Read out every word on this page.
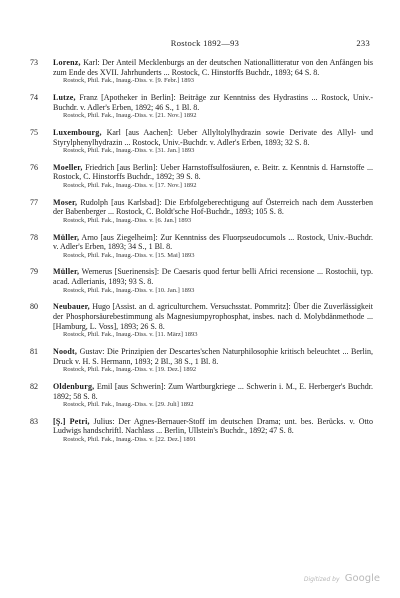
Rostock 1892—93	233
73 Lorenz, Karl: Der Anteil Mecklenburgs an der deutschen Nationallitteratur von den Anfängen bis zum Ende des XVII. Jahrhunderts ... Rostock, C. Hinstorffs Buchdr., 1893; 64 S. 8.
Rostock, Phil. Fak., Inaug.-Diss. v. [9. Febr.] 1893
74 Lutze, Franz [Apotheker in Berlin]: Beiträge zur Kenntniss des Hydrastins ... Rostock, Univ.-Buchdr. v. Adler's Erben, 1892; 46 S., 1 Bl. 8.
Rostock, Phil. Fak., Inaug.-Diss. v. [21. Nov.] 1892
75 Luxembourg, Karl [aus Aachen]: Ueber Allyltolylhydrazin sowie Derivate des Allyl- und Styrylphenylhydrazin ... Rostock, Univ.-Buchdr. v. Adler's Erben, 1893; 32 S. 8.
Rostock, Phil. Fak., Inaug.-Diss. v. [31. Jan.] 1893
76 Moeller, Friedrich [aus Berlin]: Ueber Harnstoffsulfosäuren, e. Beitr. z. Kenntnis d. Harnstoffe ... Rostock, C. Hinstorffs Buchdr., 1892; 39 S. 8.
Rostock, Phil. Fak., Inaug.-Diss. v. [17. Nov.] 1892
77 Moser, Rudolph [aus Karlsbad]: Die Erbfolgeberechtigung auf Österreich nach dem Aussterben der Babenberger ... Rostock, C. Boldt'sche Hof-Buchdr., 1893; 105 S. 8.
Rostock, Phil. Fak., Inaug.-Diss. v. [6. Jan.] 1893
78 Müller, Arno [aus Ziegelheim]: Zur Kenntniss des Fluorpseudocumols ... Rostock, Univ.-Buchdr. v. Adler's Erben, 1893; 34 S., 1 Bl. 8.
Rostock, Phil. Fak., Inaug.-Diss. v. [15. Mai] 1893
79 Müller, Wernerus [Suerinensis]: De Caesaris quod fertur belli Africi recensione ... Rostochii, typ. acad. Adlerianis, 1893; 93 S. 8.
Rostock, Phil. Fak., Inaug.-Diss. v. [10. Jan.] 1893
80 Neubauer, Hugo [Assist. an d. agriculturchem. Versuchsstat. Pommritz]: Über die Zuverlässigkeit der Phosphorsäurebestimmung als Magnesiumpyrophosphat, insbes. nach d. Molybdänmethode ... [Hamburg, L. Voss], 1893; 26 S. 8.
Rostock, Phil. Fak., Inaug.-Diss. v. [11. März] 1893
81 Noodt, Gustav: Die Prinzipien der Descartes'schen Naturphilosophie kritisch beleuchtet ... Berlin, Druck v. H. S. Hermann, 1893; 2 Bl., 38 S., 1 Bl. 8.
Rostock, Phil. Fak., Inaug.-Diss. v. [19. Dez.] 1892
82 Oldenburg, Emil [aus Schwerin]: Zum Wartburgkriege ... Schwerin i. M., E. Herberger's Buchdr. 1892; 58 S. 8.
Rostock, Phil. Fak., Inaug.-Diss. v. [29. Juli] 1892
83 [Ş.] Petri, Julius: Der Agnes-Bernauer-Stoff im deutschen Drama; unt. bes. Berücks. v. Otto Ludwigs handschriftl. Nachlass ... Berlin, Ullstein's Buchdr., 1892; 47 S. 8.
Rostock, Phil. Fak., Inaug.-Diss. v. [22. Dez.] 1891
Digitized by Google
